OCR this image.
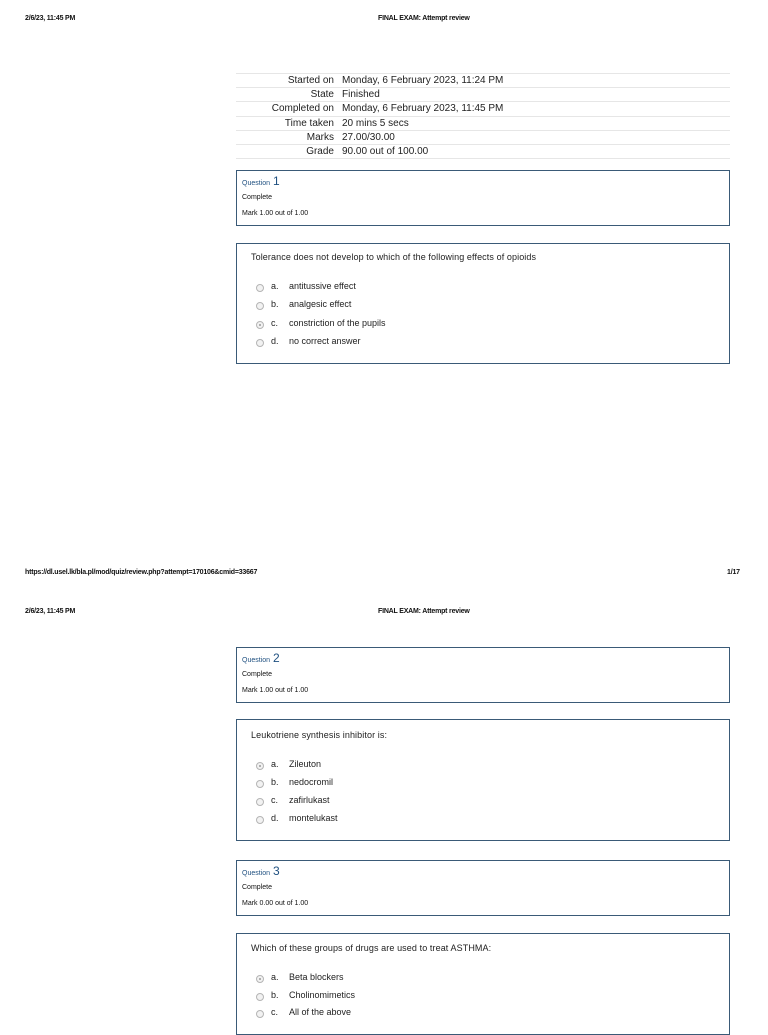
2/6/23, 11:45 PM	FINAL EXAM: Attempt review
Started on	Monday, 6 February 2023, 11:24 PM
State	Finished
Completed on	Monday, 6 February 2023, 11:45 PM
Time taken	20 mins 5 secs
Marks	27.00/30.00
Grade	90.00 out of 100.00
Question 1
Complete
Mark 1.00 out of 1.00
Tolerance does not develop to which of the following effects of opioids
a. antitussive effect
b. analgesic effect
c. constriction of the pupils
d. no correct answer
https://dl.usel.lk/bla.pl/mod/quiz/review.php?attempt=170106&cmid=33667	1/17
2/6/23, 11:45 PM	FINAL EXAM: Attempt review
Question 2
Complete
Mark 1.00 out of 1.00
Leukotriene synthesis inhibitor is:
a. Zileuton
b. nedocromil
c. zafirlukast
d. montelukast
Question 3
Complete
Mark 0.00 out of 1.00
Which of these groups of drugs are used to treat ASTHMA:
a. Beta blockers
b. Cholinomimetics
c. All of the above
